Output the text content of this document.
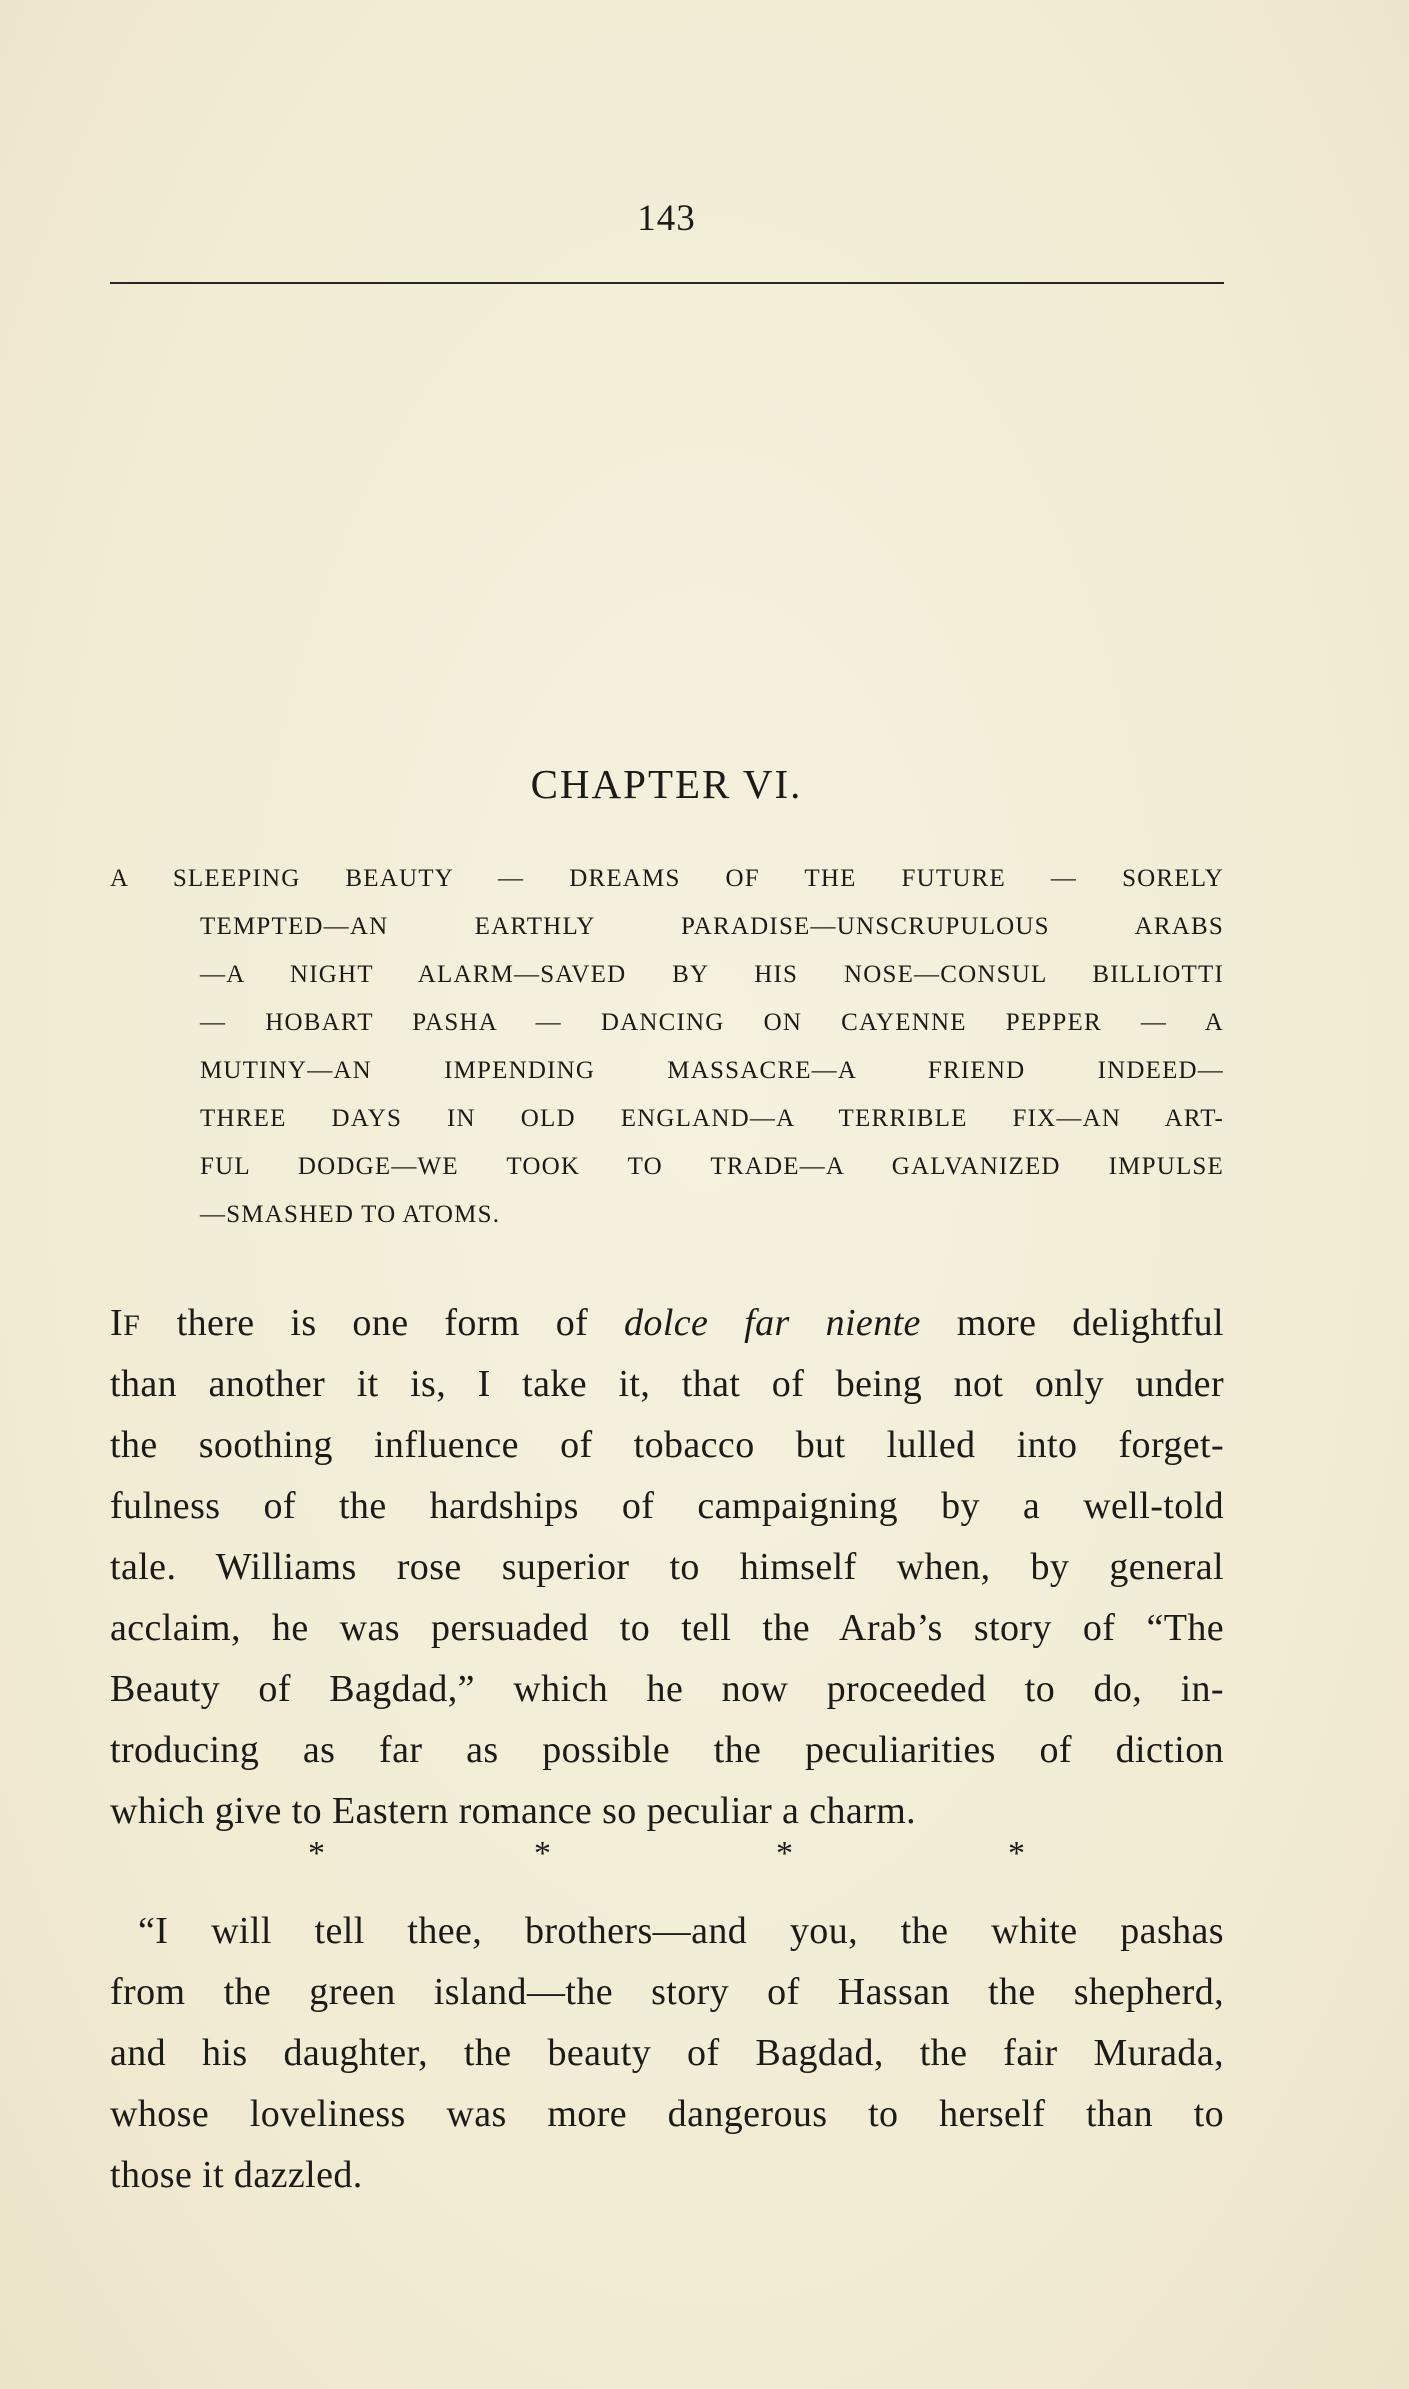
143
CHAPTER VI.
A SLEEPING BEAUTY — DREAMS OF THE FUTURE — SORELY
TEMPTED—AN EARTHLY PARADISE—UNSCRUPULOUS ARABS
—A NIGHT ALARM—SAVED BY HIS NOSE—CONSUL BILLIOTTI
— HOBART PASHA — DANCING ON CAYENNE PEPPER — A
MUTINY—AN IMPENDING MASSACRE—A FRIEND INDEED—
THREE DAYS IN OLD ENGLAND—A TERRIBLE FIX—AN ART-
FUL DODGE—WE TOOK TO TRADE—A GALVANIZED IMPULSE
—SMASHED TO ATOMS.
IF there is one form of dolce far niente more delightful
than another it is, I take it, that of being not only under
the soothing influence of tobacco but lulled into forget-
fulness of the hardships of campaigning by a well-told
tale. Williams rose superior to himself when, by general
acclaim, he was persuaded to tell the Arab’s story of “The
Beauty of Bagdad,” which he now proceeded to do, in-
troducing as far as possible the peculiarities of diction
which give to Eastern romance so peculiar a charm.
*	*	*	*
“I will tell thee, brothers—and you, the white pashas
from the green island—the story of Hassan the shepherd,
and his daughter, the beauty of Bagdad, the fair Murada,
whose loveliness was more dangerous to herself than to
those it dazzled.
